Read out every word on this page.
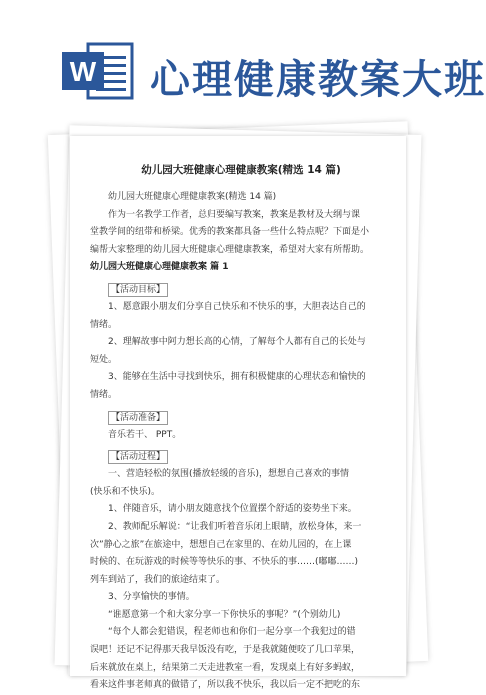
W 心理健康教案大班
幼儿园大班健康心理健康教案(精选 14 篇)

幼儿园大班健康心理健康教案(精选 14 篇)

作为一名教学工作者，总归要编写教案，教案是教材及大纲与课
堂教学间的纽带和桥梁。优秀的教案都具备一些什么特点呢？下面是小
编帮大家整理的幼儿园大班健康心理健康教案，希望对大家有所帮助。

幼儿园大班健康心理健康教案 篇 1

【活动目标】

1、愿意跟小朋友们分享自己快乐和不快乐的事，大胆表达自己的
情绪。

2、理解故事中阿力想长高的心情，了解每个人都有自己的长处与
短处。

3、能够在生活中寻找到快乐，拥有积极健康的心理状态和愉快的
情绪。

【活动准备】

音乐若干、 PPT。

【活动过程】

一、营造轻松的氛围(播放轻缓的音乐)，想想自己喜欢的事情
(快乐和不快乐)。

1、伴随音乐，请小朋友随意找个位置摆个舒适的姿势坐下来。

2、教师配乐解说：“让我们听着音乐闭上眼睛，放松身体，来一
次”静心之旅”在旅途中，想想自己在家里的、在幼儿园的，在上课
时候的、在玩游戏的时候等等快乐的事、不快乐的事……(嘟嘟……)
列车到站了，我们的旅途结束了。

3、分享愉快的事情。

“谁愿意第一个和大家分享一下你快乐的事呢？”(个别幼儿)

“每个人都会犯错误，程老师也和你们一起分享一个我犯过的错
误吧！还记不记得那天我早饭没有吃，于是我就随便咬了几口苹果，
后来就放在桌上，结果第二天走进教室一看，发现桌上有好多蚂蚁，
看来这件事老师真的做错了，所以我不快乐，我以后一定不把吃的东
